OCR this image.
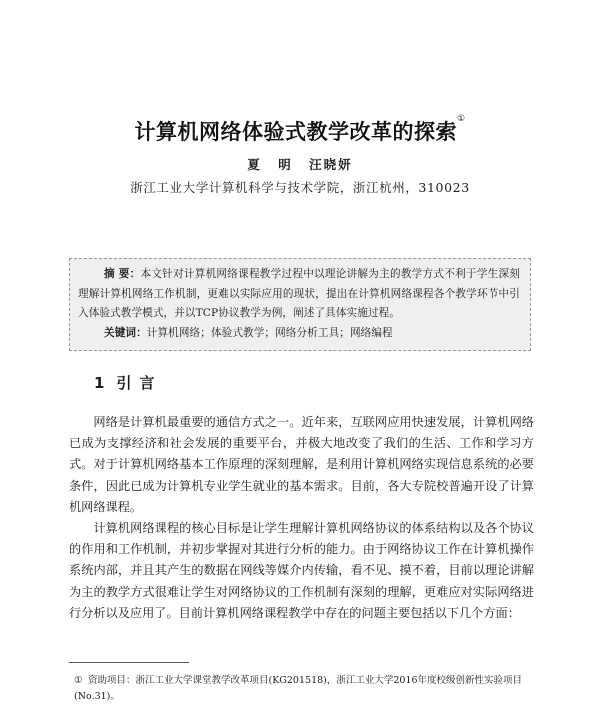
计算机网络体验式教学改革的探索①
夏 明 汪晓妍
浙江工业大学计算机科学与技术学院，浙江杭州，310023

摘 要：本文针对计算机网络课程教学过程中以理论讲解为主的教学方式不利于学生深刻理解计算机网络工作机制，更难以实际应用的现状，提出在计算机网络课程各个教学环节中引入体验式教学模式，并以TCP协议教学为例，阐述了具体实施过程。

关键词：计算机网络；体验式教学；网络分析工具；网络编程

1 引言

网络是计算机最重要的通信方式之一。近年来，互联网应用快速发展，计算机网络已成为支撑经济和社会发展的重要平台，并极大地改变了我们的生活、工作和学习方式。对于计算机网络基本工作原理的深刻理解，是利用计算机网络实现信息系统的必要条件，因此已成为计算机专业学生就业的基本需求。目前，各大专院校普遍开设了计算机网络课程。

计算机网络课程的核心目标是让学生理解计算机网络协议的体系结构以及各个协议的作用和工作机制，并初步掌握对其进行分析的能力。由于网络协议工作在计算机操作系统内部，并且其产生的数据在网线等媒介内传输，看不见、摸不着，目前以理论讲解为主的教学方式很难让学生对网络协议的工作机制有深刻的理解，更难应对实际网络进行分析以及应用了。目前计算机网络课程教学中存在的问题主要包括以下几个方面：

① 资助项目：浙江工业大学课堂教学改革项目(KG201518)，浙江工业大学2016年度校级创新性实验项目(No.31)。
